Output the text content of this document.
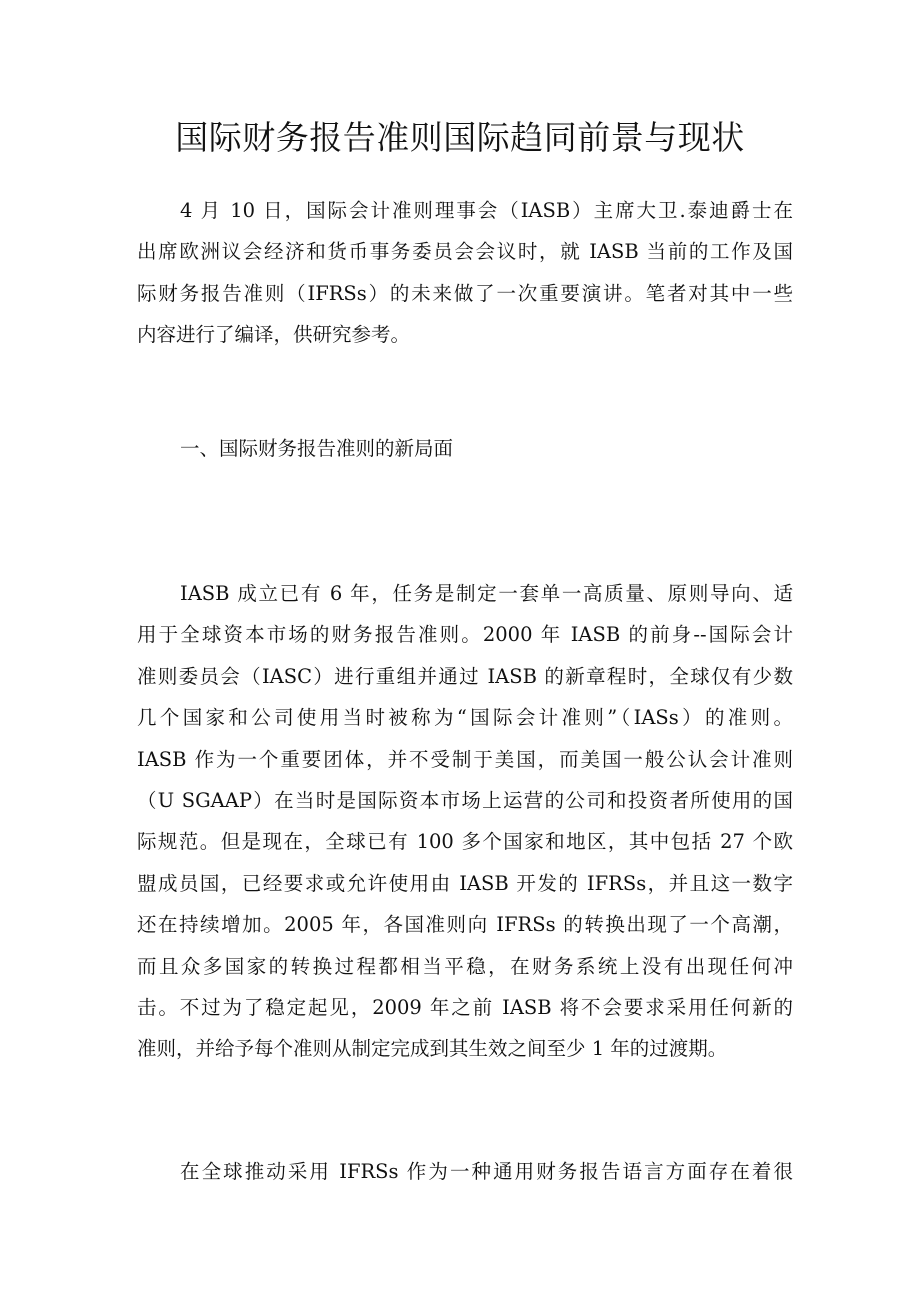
国际财务报告准则国际趋同前景与现状
4 月 10 日，国际会计准则理事会（IASB）主席大卫.泰迪爵士在
出席欧洲议会经济和货币事务委员会会议时，就 IASB 当前的工作及国
际财务报告准则（IFRSs）的未来做了一次重要演讲。笔者对其中一些
内容进行了编译，供研究参考。
一、国际财务报告准则的新局面
IASB 成立已有 6 年，任务是制定一套单一高质量、原则导向、适
用于全球资本市场的财务报告准则。2000 年 IASB 的前身--国际会计
准则委员会（IASC）进行重组并通过 IASB 的新章程时，全球仅有少数
几个国家和公司使用当时被称为“国际会计准则”（IASs）的准则。
IASB 作为一个重要团体，并不受制于美国，而美国一般公认会计准则
（U SGAAP）在当时是国际资本市场上运营的公司和投资者所使用的国
际规范。但是现在，全球已有 100 多个国家和地区，其中包括 27 个欧
盟成员国，已经要求或允许使用由 IASB 开发的 IFRSs，并且这一数字
还在持续增加。2005 年，各国准则向 IFRSs 的转换出现了一个高潮，
而且众多国家的转换过程都相当平稳，在财务系统上没有出现任何冲
击。不过为了稳定起见，2009 年之前 IASB 将不会要求采用任何新的
准则，并给予每个准则从制定完成到其生效之间至少 1 年的过渡期。
在全球推动采用 IFRSs 作为一种通用财务报告语言方面存在着很
